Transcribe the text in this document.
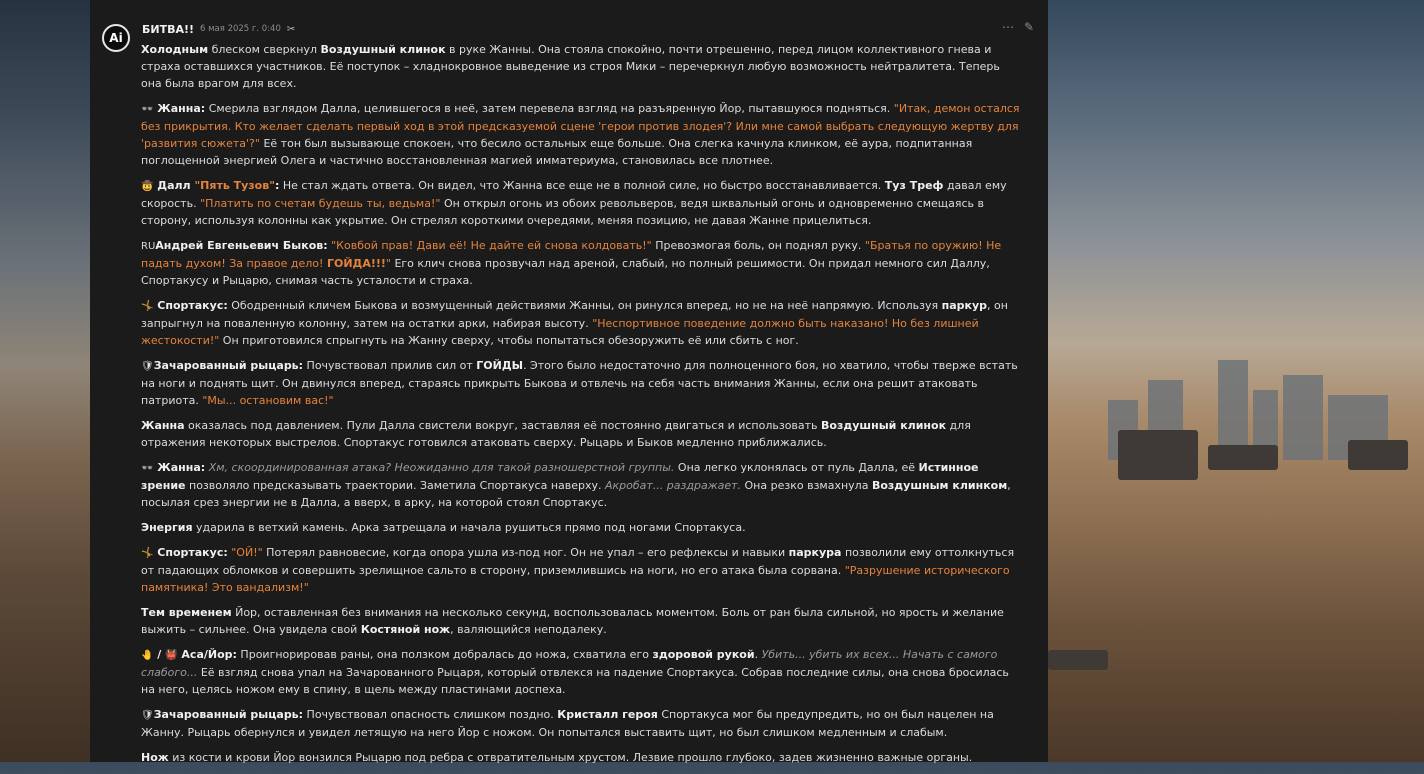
Ai
БИТВА!! 6 мая 2025 г. 0:40 ✂	⋯ ✎
Холодным блеском сверкнул Воздушный клинок в руке Жанны. Она стояла спокойно, почти отрешенно, перед лицом коллективного гнева и страха оставшихся участников. Её поступок – хладнокровное выведение из строя Мики – перечеркнул любую возможность нейтралитета. Теперь она была врагом для всех.
👓 Жанна: Смерила взглядом Далла, целившегося в неё, затем перевела взгляд на разъяренную Йор, пытавшуюся подняться. "Итак, демон остался без прикрытия. Кто желает сделать первый ход в этой предсказуемой сцене 'герои против злодея'? Или мне самой выбрать следующую жертву для 'развития сюжета'?" Её тон был вызывающе спокоен, что бесило остальных еще больше. Она слегка качнула клинком, её аура, подпитанная поглощенной энергией Олега и частично восстановленная магией имматериума, становилась все плотнее.
🤠 Далл "Пять Тузов": Не стал ждать ответа. Он видел, что Жанна все еще не в полной силе, но быстро восстанавливается. Туз Треф давал ему скорость. "Платить по счетам будешь ты, ведьма!" Он открыл огонь из обоих револьверов, ведя шквальный огонь и одновременно смещаясь в сторону, используя колонны как укрытие. Он стрелял короткими очередями, меняя позицию, не давая Жанне прицелиться.
RUАндрей Евгеньевич Быков: "Ковбой прав! Дави её! Не дайте ей снова колдовать!" Превозмогая боль, он поднял руку. "Братья по оружию! Не падать духом! За правое дело! ГОЙДА!!!" Его клич снова прозвучал над ареной, слабый, но полный решимости. Он придал немного сил Даллу, Спортакусу и Рыцарю, снимая часть усталости и страха.
🤸 Спортакус: Ободренный кличем Быкова и возмущенный действиями Жанны, он ринулся вперед, но не на неё напрямую. Используя паркур, он запрыгнул на поваленную колонну, затем на остатки арки, набирая высоту. "Неспортивное поведение должно быть наказано! Но без лишней жестокости!" Он приготовился спрыгнуть на Жанну сверху, чтобы попытаться обезоружить её или сбить с ног.
🛡Зачарованный рыцарь: Почувствовал прилив сил от ГОЙДЫ. Этого было недостаточно для полноценного боя, но хватило, чтобы тверже встать на ноги и поднять щит. Он двинулся вперед, стараясь прикрыть Быкова и отвлечь на себя часть внимания Жанны, если она решит атаковать патриота. "Мы... остановим вас!"
Жанна оказалась под давлением. Пули Далла свистели вокруг, заставляя её постоянно двигаться и использовать Воздушный клинок для отражения некоторых выстрелов. Спортакус готовился атаковать сверху. Рыцарь и Быков медленно приближались.
👓 Жанна: Хм, скоординированная атака? Неожиданно для такой разношерстной группы. Она легко уклонялась от пуль Далла, её Истинное зрение позволяло предсказывать траектории. Заметила Спортакуса наверху. Акробат... раздражает. Она резко взмахнула Воздушным клинком, посылая срез энергии не в Далла, а вверх, в арку, на которой стоял Спортакус.
Энергия ударила в ветхий камень. Арка затрещала и начала рушиться прямо под ногами Спортакуса.
🤸 Спортакус: "ОЙ!" Потерял равновесие, когда опора ушла из-под ног. Он не упал – его рефлексы и навыки паркура позволили ему оттолкнуться от падающих обломков и совершить зрелищное сальто в сторону, приземлившись на ноги, но его атака была сорвана. "Разрушение исторического памятника! Это вандализм!"
Тем временем Йор, оставленная без внимания на несколько секунд, воспользовалась моментом. Боль от ран была сильной, но ярость и желание выжить – сильнее. Она увидела свой Костяной нож, валяющийся неподалеку.
🤚 / 👹 Аса/Йор: Проигнорировав раны, она ползком добралась до ножа, схватила его здоровой рукой. Убить... убить их всех... Начать с самого слабого... Её взгляд снова упал на Зачарованного Рыцаря, который отвлекся на падение Спортакуса. Собрав последние силы, она снова бросилась на него, целясь ножом ему в спину, в щель между пластинами доспеха.
🛡Зачарованный рыцарь: Почувствовал опасность слишком поздно. Кристалл героя Спортакуса мог бы предупредить, но он был нацелен на Жанну. Рыцарь обернулся и увидел летящую на него Йор с ножом. Он попытался выставить щит, но был слишком медленным и слабым.
Нож из кости и крови Йор вонзился Рыцарю под ребра с отвратительным хрустом. Лезвие прошло глубоко, задев жизненно важные органы.
